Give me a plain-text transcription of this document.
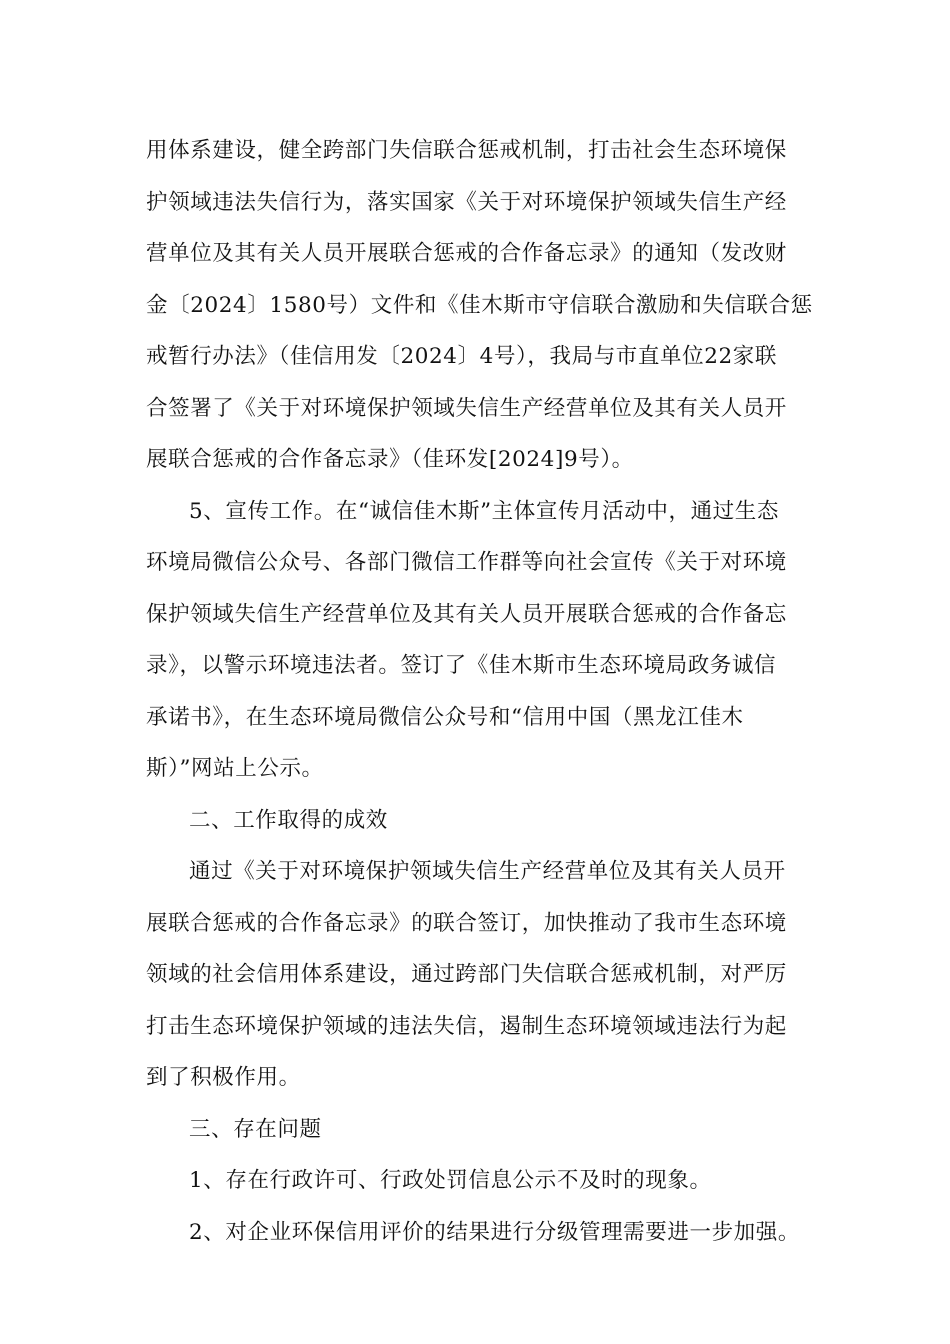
用体系建设，健全跨部门失信联合惩戒机制，打击社会生态环境保
护领域违法失信行为，落实国家《关于对环境保护领域失信生产经
营单位及其有关人员开展联合惩戒的合作备忘录》的通知（发改财
金〔2024〕1580号）文件和《佳木斯市守信联合激励和失信联合惩
戒暂行办法》（佳信用发〔2024〕4号），我局与市直单位22家联
合签署了《关于对环境保护领域失信生产经营单位及其有关人员开
展联合惩戒的合作备忘录》（佳环发[2024]9号）。
5、宣传工作。在“诚信佳木斯”主体宣传月活动中，通过生态
环境局微信公众号、各部门微信工作群等向社会宣传《关于对环境
保护领域失信生产经营单位及其有关人员开展联合惩戒的合作备忘
录》，以警示环境违法者。签订了《佳木斯市生态环境局政务诚信
承诺书》，在生态环境局微信公众号和“信用中国（黑龙江佳木
斯）”网站上公示。
二、工作取得的成效
通过《关于对环境保护领域失信生产经营单位及其有关人员开
展联合惩戒的合作备忘录》的联合签订，加快推动了我市生态环境
领域的社会信用体系建设，通过跨部门失信联合惩戒机制，对严厉
打击生态环境保护领域的违法失信，遏制生态环境领域违法行为起
到了积极作用。
三、存在问题
1、存在行政许可、行政处罚信息公示不及时的现象。
2、对企业环保信用评价的结果进行分级管理需要进一步加强。
